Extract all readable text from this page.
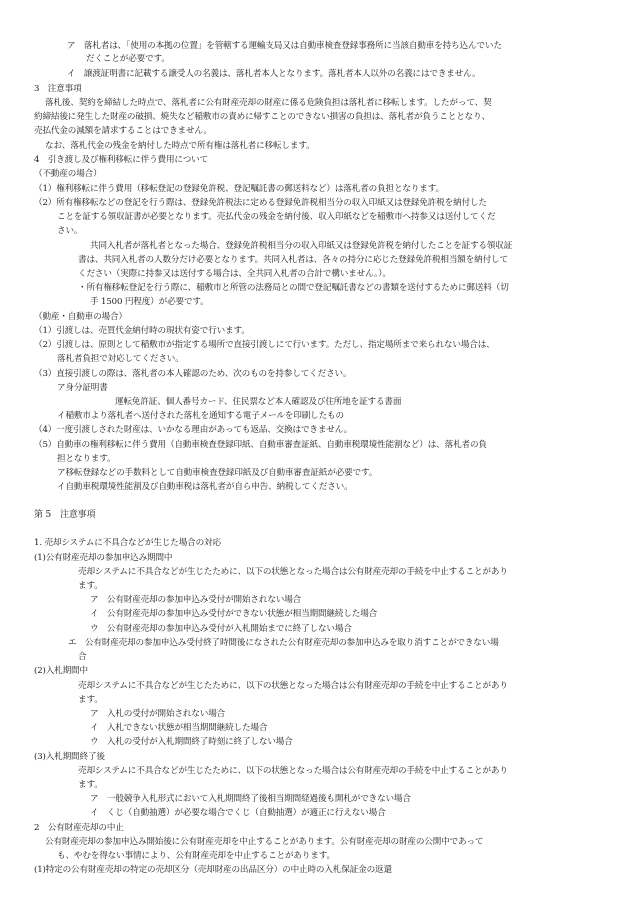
ア　落札者は、「使用の本拠の位置」を管轄する運輸支局又は自動車検査登録事務所に当該自動車を持ち込んでいた
だくことが必要です。
イ　譲渡証明書に記載する譲受人の名義は、落札者本人となります。落札者本人以外の名義にはできません。
3　注意事項
落札後、契約を締結した時点で、落札者に公有財産売却の財産に係る危険負担は落札者に移転します。したがって、契
約締結後に発生した財産の破損、焼失など稲敷市の責めに帰すことのできない損害の負担は、落札者が負うこととなり、
売払代金の減額を請求することはできません。
なお、落札代金の残金を納付した時点で所有権は落札者に移転します。
4　引き渡し及び権利移転に伴う費用について
（不動産の場合）
（1）権利移転に伴う費用（移転登記の登録免許税、登記嘱託書の郵送料など）は落札者の負担となります。
（2）所有権移転などの登記を行う際は、登録免許税法に定める登録免許税相当分の収入印紙又は登録免許税を納付した
ことを証する領収証書が必要となります。売払代金の残金を納付後、収入印紙などを稲敷市へ持参又は送付してくだ
さい。
共同入札者が落札者となった場合、登録免許税相当分の収入印紙又は登録免許税を納付したことを証する領収証
書は、共同入札者の人数分だけ必要となります。共同入札者は、各々の持分に応じた登録免許税相当額を納付して
ください（実際に持参又は送付する場合は、全共同入札者の合計で構いません。）。
・所有権移転登記を行う際に、稲敷市と所管の法務局との間で登記嘱託書などの書類を送付するために郵送料（切
手 1500 円程度）が必要です。
（動産・自動車の場合）
（1）引渡しは、売買代金納付時の現状有姿で行います。
（2）引渡しは、原則として稲敷市が指定する場所で直接引渡しにて行います。ただし、指定場所まで来られない場合は、
落札者負担で対応してください。
（3）直接引渡しの際は、落札者の本人確認のため、次のものを持参してください。
ア身分証明書
運転免許証、個人番号カード、住民票など本人確認及び住所地を証する書面
イ稲敷市より落札者へ送付された落札を通知する電子メールを印刷したもの
（4）一度引渡しされた財産は、いかなる理由があっても返品、交換はできません。
（5）自動車の権利移転に伴う費用（自動車検査登録印紙、自動車審査証紙、自動車税環境性能割など）は、落札者の負
担となります。
ア移転登録などの手数料として自動車検査登録印紙及び自動車審査証紙が必要です。
イ自動車税環境性能割及び自動車税は落札者が自ら申告、納税してください。
第 5　注意事項
1. 売却システムに不具合などが生じた場合の対応
(1)公有財産売却の参加申込み期間中
売却システムに不具合などが生じたために、以下の状態となった場合は公有財産売却の手続を中止することがあり
ます。
ア　公有財産売却の参加申込み受付が開始されない場合
イ　公有財産売却の参加申込み受付ができない状態が相当期間継続した場合
ウ　公有財産売却の参加申込み受付が入札開始までに終了しない場合
エ　公有財産売却の参加申込み受付終了時間後になされた公有財産売却の参加申込みを取り消すことができない場
合
(2)入札期間中
売却システムに不具合などが生じたために、以下の状態となった場合は公有財産売却の手続を中止することがあり
ます。
ア　入札の受付が開始されない場合
イ　入札できない状態が相当期間継続した場合
ウ　入札の受付が入札期間終了時刻に終了しない場合
(3)入札期間終了後
売却システムに不具合などが生じたために、以下の状態となった場合は公有財産売却の手続を中止することがあり
ます。
ア　一般競争入札形式において入札期間終了後相当期間経過後も開札ができない場合
イ　くじ（自動抽選）が必要な場合でくじ（自動抽選）が適正に行えない場合
2　公有財産売却の中止
公有財産売却の参加申込み開始後に公有財産売却を中止することがあります。公有財産売却の財産の公開中であって
も、やむを得ない事情により、公有財産売却を中止することがあります。
(1)特定の公有財産売却の特定の売却区分（売却財産の出品区分）の中止時の入札保証金の返還
